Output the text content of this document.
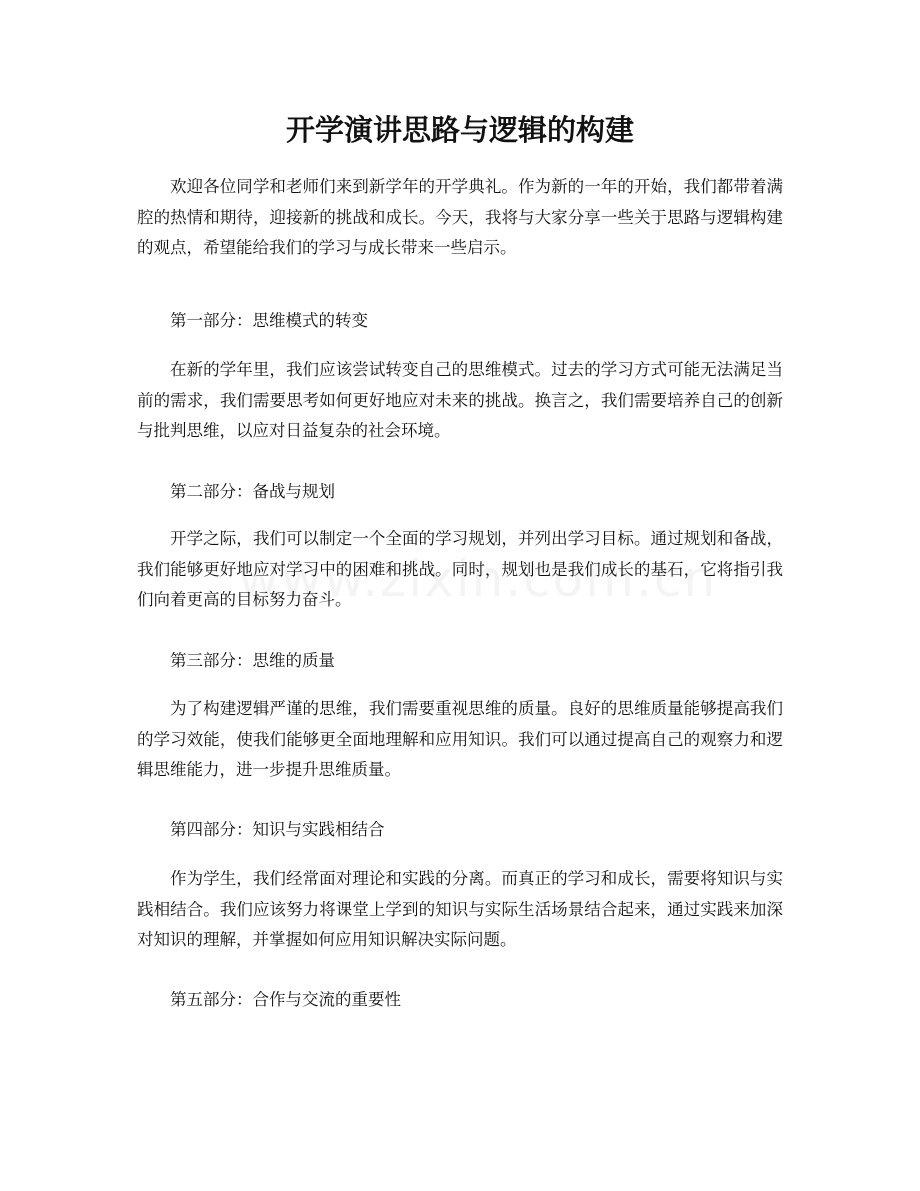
开学演讲思路与逻辑的构建

欢迎各位同学和老师们来到新学年的开学典礼。作为新的一年的开始，我们都带着满腔的热情和期待，迎接新的挑战和成长。今天，我将与大家分享一些关于思路与逻辑构建的观点，希望能给我们的学习与成长带来一些启示。

第一部分：思维模式的转变

在新的学年里，我们应该尝试转变自己的思维模式。过去的学习方式可能无法满足当前的需求，我们需要思考如何更好地应对未来的挑战。换言之，我们需要培养自己的创新与批判思维，以应对日益复杂的社会环境。

第二部分：备战与规划

开学之际，我们可以制定一个全面的学习规划，并列出学习目标。通过规划和备战，我们能够更好地应对学习中的困难和挑战。同时，规划也是我们成长的基石，它将指引我们向着更高的目标努力奋斗。

第三部分：思维的质量

为了构建逻辑严谨的思维，我们需要重视思维的质量。良好的思维质量能够提高我们的学习效能，使我们能够更全面地理解和应用知识。我们可以通过提高自己的观察力和逻辑思维能力，进一步提升思维质量。

第四部分：知识与实践相结合

作为学生，我们经常面对理论和实践的分离。而真正的学习和成长，需要将知识与实践相结合。我们应该努力将课堂上学到的知识与实际生活场景结合起来，通过实践来加深对知识的理解，并掌握如何应用知识解决实际问题。

第五部分：合作与交流的重要性
